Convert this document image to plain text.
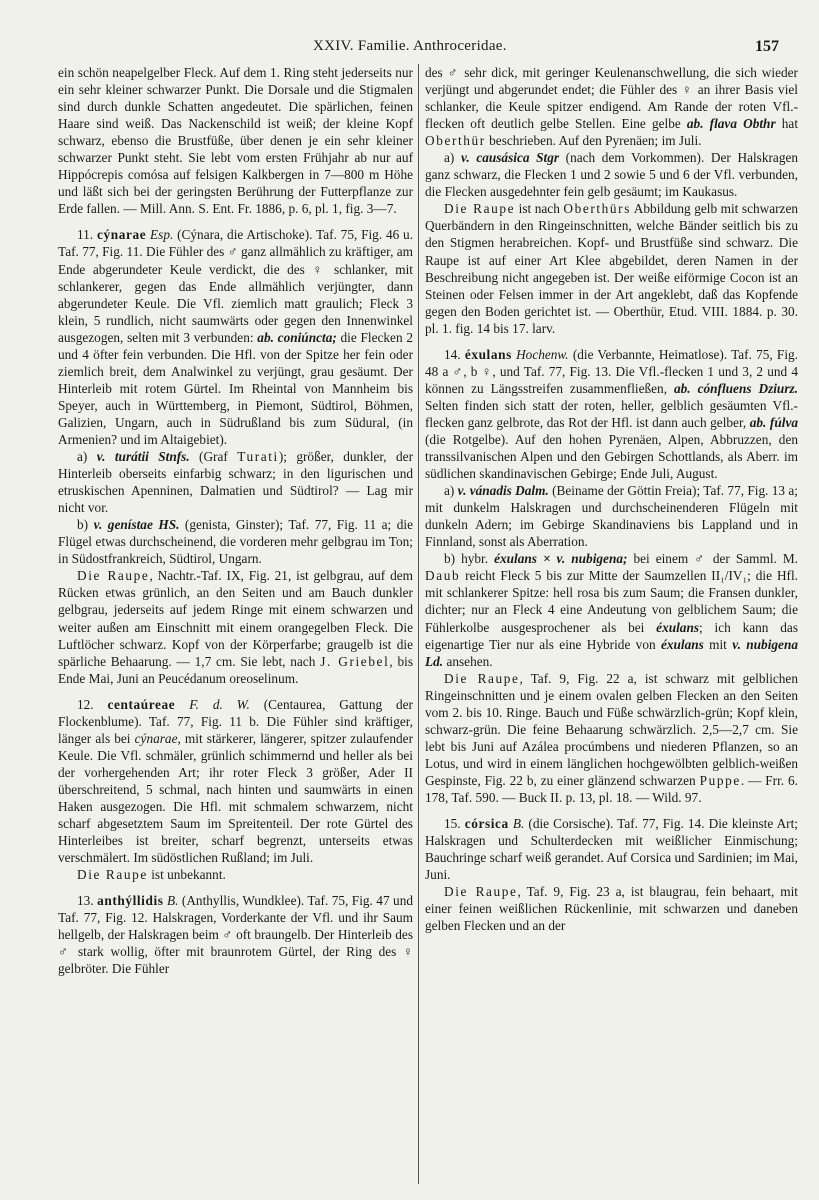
XXIV. Familie. Anthroceridae.	157

ein schön neapelgelber Fleck. Auf dem 1. Ring steht jederseits nur ein sehr kleiner schwarzer Punkt. Die Dorsale und die Stigmalen sind durch dunkle Schatten angedeutet. Die spärlichen, feinen Haare sind weiß. Das Nackenschild ist weiß; der kleine Kopf schwarz, ebenso die Brustfüße, über denen je ein sehr kleiner schwarzer Punkt steht. Sie lebt vom ersten Frühjahr ab nur auf Hippócrepis comósa auf felsigen Kalkbergen in 7—800 m Höhe und läßt sich bei der geringsten Berührung der Futterpflanze zur Erde fallen. — Mill. Ann. S. Ent. Fr. 1886, p. 6, pl. 1, fig. 3—7.

11. cýnarae Esp. (Cýnara, die Artischoke). Taf. 75, Fig. 46 u. Taf. 77, Fig. 11. Die Fühler des ♂ ganz allmählich zu kräftiger, am Ende abgerundeter Keule verdickt, die des ♀ schlanker, mit schlankerer, gegen das Ende allmählich verjüngter, dann abgerundeter Keule. Die Vfl. ziemlich matt graulich; Fleck 3 klein, 5 rundlich, nicht saumwärts oder gegen den Innenwinkel ausgezogen, selten mit 3 verbunden: ab. coniúncta; die Flecken 2 und 4 öfter fein verbunden. Die Hfl. von der Spitze her fein oder ziemlich breit, dem Analwinkel zu verjüngt, grau gesäumt. Der Hinterleib mit rotem Gürtel. Im Rheintal von Mannheim bis Speyer, auch in Württemberg, in Piemont, Südtirol, Böhmen, Galizien, Ungarn, auch in Südrußland bis zum Südural, (in Armenien? und im Altaigebiet).

a) v. turátii Stnfs. (Graf Turati); größer, dunkler, der Hinterleib oberseits einfarbig schwarz; in den ligurischen und etruskischen Apenninen, Dalmatien und Südtirol? — Lag mir nicht vor.

b) v. genístae HS. (genista, Ginster); Taf. 77, Fig. 11 a; die Flügel etwas durchscheinend, die vorderen mehr gelbgrau im Ton; in Südostfrankreich, Südtirol, Ungarn.

Die Raupe, Nachtr.-Taf. IX, Fig. 21, ist gelbgrau, auf dem Rücken etwas grünlich, an den Seiten und am Bauch dunkler gelbgrau, jederseits auf jedem Ringe mit einem schwarzen und weiter außen am Einschnitt mit einem orangegelben Fleck. Die Luftlöcher schwarz. Kopf von der Körperfarbe; graugelb ist die spärliche Behaarung. — 1,7 cm. Sie lebt, nach J. Griebel, bis Ende Mai, Juni an Peucédanum oreoselinum.

12. centaúreae F. d. W. (Centaurea, Gattung der Flockenblume). Taf. 77, Fig. 11 b. Die Fühler sind kräftiger, länger als bei cýnarae, mit stärkerer, längerer, spitzer zulaufender Keule. Die Vfl. schmäler, grünlich schimmernd und heller als bei der vorhergehenden Art; ihr roter Fleck 3 größer, Ader II überschreitend, 5 schmal, nach hinten und saumwärts in einen Haken ausgezogen. Die Hfl. mit schmalem schwarzem, nicht scharf abgesetztem Saum im Spreitenteil. Der rote Gürtel des Hinterleibes ist breiter, scharf begrenzt, unterseits etwas verschmälert. Im südöstlichen Rußland; im Juli.

Die Raupe ist unbekannt.

13. anthýllidis B. (Anthyllis, Wundklee). Taf. 75, Fig. 47 und Taf. 77, Fig. 12. Halskragen, Vorderkante der Vfl. und ihr Saum hellgelb, der Halskragen beim ♂ oft braungelb. Der Hinterleib des ♂ stark wollig, öfter mit braunrotem Gürtel, der Ring des ♀ gelbröter. Die Fühler

des ♂ sehr dick, mit geringer Keulenanschwellung, die sich wieder verjüngt und abgerundet endet; die Fühler des ♀ an ihrer Basis viel schlanker, die Keule spitzer endigend. Am Rande der roten Vfl.-flecken oft deutlich gelbe Stellen. Eine gelbe ab. flava Obthr hat Oberthür beschrieben. Auf den Pyrenäen; im Juli.

a) v. causásica Stgr (nach dem Vorkommen). Der Halskragen ganz schwarz, die Flecken 1 und 2 sowie 5 und 6 der Vfl. verbunden, die Flecken ausgedehnter fein gelb gesäumt; im Kaukasus.

Die Raupe ist nach Oberthürs Abbildung gelb mit schwarzen Querbändern in den Ringeinschnitten, welche Bänder seitlich bis zu den Stigmen herabreichen. Kopf- und Brustfüße sind schwarz. Die Raupe ist auf einer Art Klee abgebildet, deren Namen in der Beschreibung nicht angegeben ist. Der weiße eiförmige Cocon ist an Steinen oder Felsen immer in der Art angeklebt, daß das Kopfende gegen den Boden gerichtet ist. — Oberthür, Etud. VIII. 1884. p. 30. pl. 1. fig. 14 bis 17. larv.

14. éxulans Hochenw. (die Verbannte, Heimatlose). Taf. 75, Fig. 48 a ♂, b ♀, und Taf. 77, Fig. 13. Die Vfl.-flecken 1 und 3, 2 und 4 können zu Längsstreifen zusammenfließen, ab. cónfluens Dziurz. Selten finden sich statt der roten, heller, gelblich gesäumten Vfl.-flecken ganz gelbrote, das Rot der Hfl. ist dann auch gelber, ab. fúlva (die Rotgelbe). Auf den hohen Pyrenäen, Alpen, Abbruzzen, den transsilvanischen Alpen und den Gebirgen Schottlands, als Aberr. im südlichen skandinavischen Gebirge; Ende Juli, August.

a) v. vánadis Dalm. (Beiname der Göttin Freia); Taf. 77, Fig. 13 a; mit dunkelm Halskragen und durchscheinenderen Flügeln mit dunkeln Adern; im Gebirge Skandinaviens bis Lappland und in Finnland, sonst als Aberration.

b) hybr. éxulans × v. nubigena; bei einem ♂ der Samml. M. Daub reicht Fleck 5 bis zur Mitte der Saumzellen II₁/IV₁; die Hfl. mit schlankerer Spitze: hell rosa bis zum Saum; die Fransen dunkler, dichter; nur an Fleck 4 eine Andeutung von gelblichem Saum; die Fühlerkolbe ausgesprochener als bei éxulans; ich kann das eigenartige Tier nur als eine Hybride von éxulans mit v. nubigena Ld. ansehen.

Die Raupe, Taf. 9, Fig. 22 a, ist schwarz mit gelblichen Ringeinschnitten und je einem ovalen gelben Flecken an den Seiten vom 2. bis 10. Ringe. Bauch und Füße schwärzlich-grün; Kopf klein, schwarz-grün. Die feine Behaarung schwärzlich. 2,5—2,7 cm. Sie lebt bis Juni auf Azálea procúmbens und niederen Pflanzen, so an Lotus, und wird in einem länglichen hochgewölbten gelblich-weißen Gespinste, Fig. 22 b, zu einer glänzend schwarzen Puppe. — Frr. 6. 178, Taf. 590. — Buck II. p. 13, pl. 18. — Wild. 97.

15. córsica B. (die Corsische). Taf. 77, Fig. 14. Die kleinste Art; Halskragen und Schulterdecken mit weißlicher Einmischung; Bauchringe scharf weiß gerandet. Auf Corsica und Sardinien; im Mai, Juni.

Die Raupe, Taf. 9, Fig. 23 a, ist blaugrau, fein behaart, mit einer feinen weißlichen Rückenlinie, mit schwarzen und daneben gelben Flecken und an der
